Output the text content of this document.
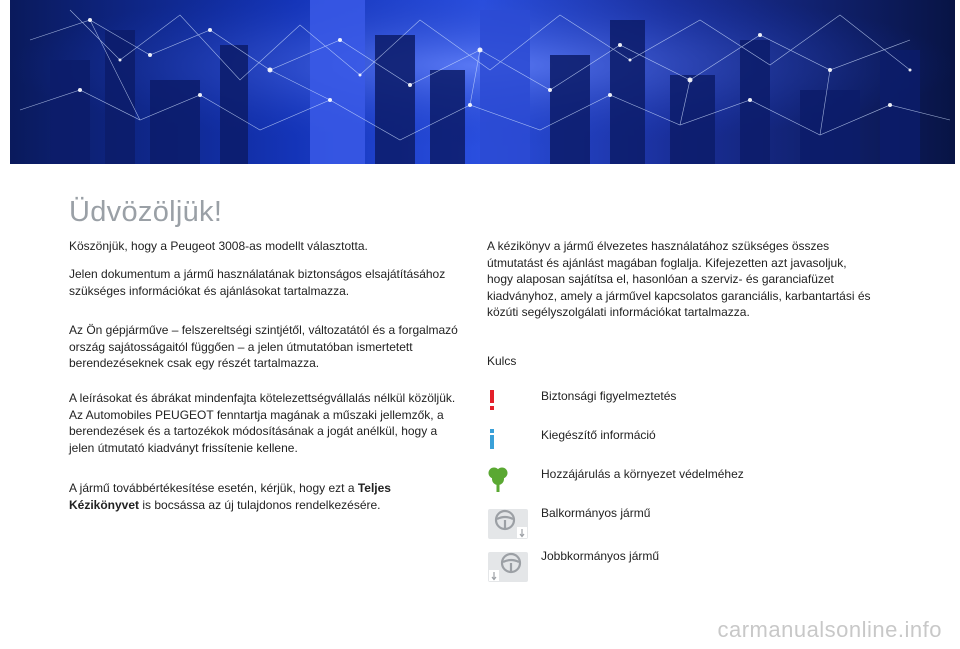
Üdvözöljük!

Köszönjük, hogy a Peugeot 3008-as modellt választotta.

Jelen dokumentum a jármű használatának biztonságos elsajátításához szükséges információkat és ajánlásokat tartalmazza.

Az Ön gépjárműve – felszereltségi szintjétől, változatától és a forgalmazó ország sajátosságaitól függően – a jelen útmutatóban ismertetett berendezéseknek csak egy részét tartalmazza.

A leírásokat és ábrákat mindenfajta kötelezettségvállalás nélkül közöljük.

Az Automobiles PEUGEOT fenntartja magának a műszaki jellemzők, a berendezések és a tartozékok módosításának a jogát anélkül, hogy a jelen útmutató kiadványt frissítenie kellene.

A jármű továbbértékesítése esetén, kérjük, hogy ezt a Teljes Kézikönyvet is bocsássa az új tulajdonos rendelkezésére.

A kézikönyv a jármű élvezetes használatához szükséges összes útmutatást és ajánlást magában foglalja. Kifejezetten azt javasoljuk, hogy alaposan sajátítsa el, hasonlóan a szerviz- és garanciafüzet kiadványhoz, amely a járművel kapcsolatos garanciális, karbantartási és közúti segélyszolgálati információkat tartalmazza.

Kulcs
Biztonsági figyelmeztetés
Kiegészítő információ
Hozzájárulás a környezet védelméhez
Balkormányos jármű
Jobbkormányos jármű
carmanualsonline.info
